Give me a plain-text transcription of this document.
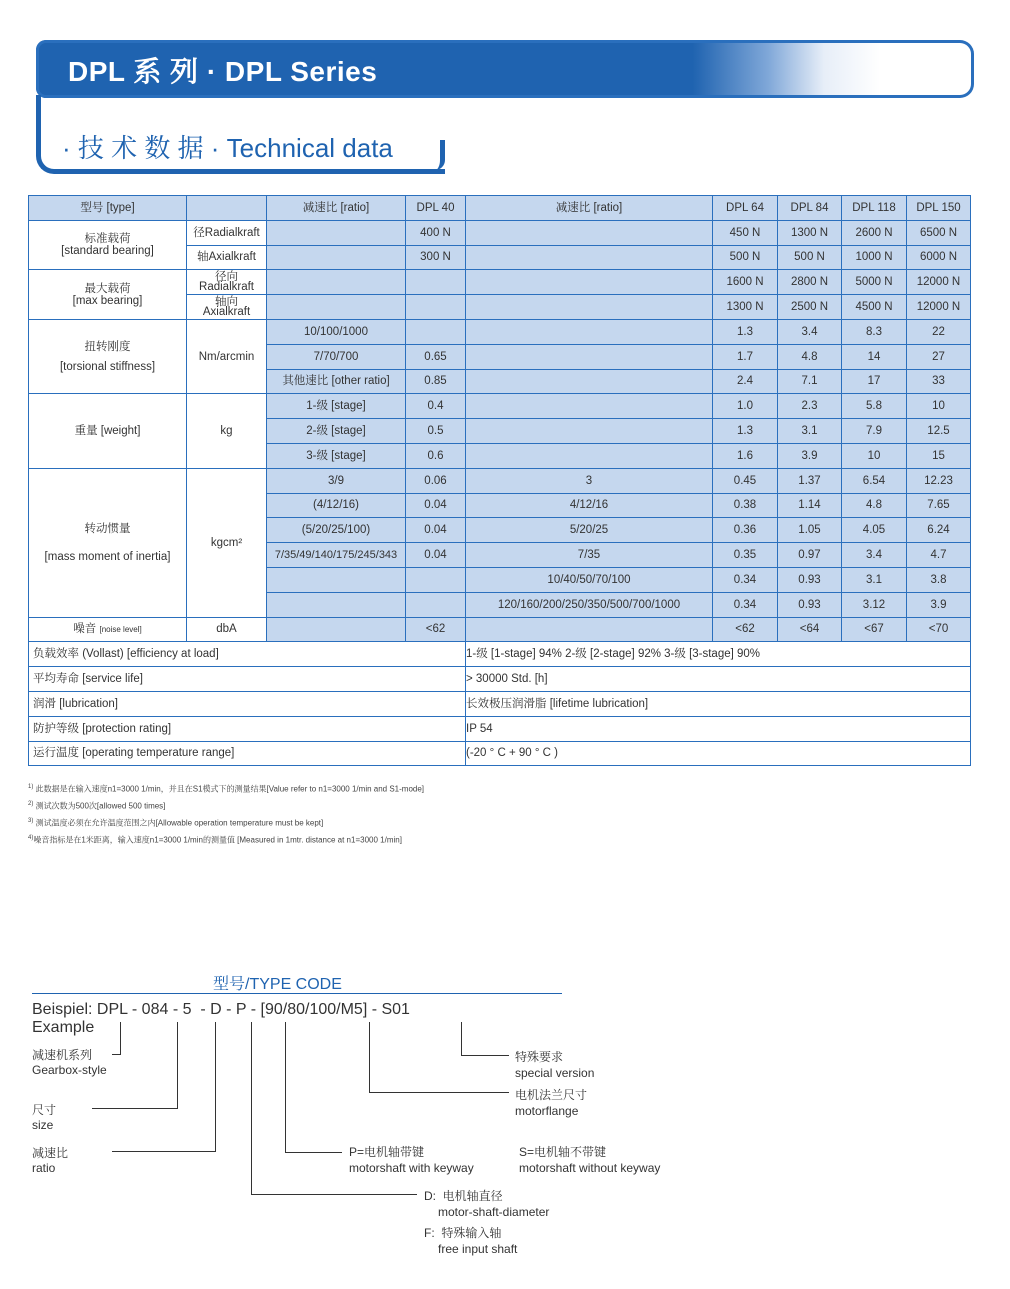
DPL 系 列 · DPL Series
· 技 术 数 据 · Technical data
型号 [type]		减速比 [ratio]	DPL 40	减速比 [ratio]	DPL 64	DPL 84	DPL 118	DPL 150

标准载荷
[standard bearing]	径Radialkraft		400 N		450 N	1300 N	2600 N	6500 N
	轴Axialkraft		300 N		500 N	500 N	1000 N	6000 N

最大载荷
[max bearing]	径向
Radialkraft				1600 N	2800 N	5000 N	12000 N

	轴向
Axialkraft				1300 N	2500 N	4500 N	12000 N

扭转刚度
[torsional stiffness]	Nm/arcmin	10/100/1000			1.3	3.4	8.3	22
		7/70/700	0.65		1.7	4.8	14	27
		其他速比 [other ratio]	0.85		2.4	7.1	17	33
重量 [weight]	kg	1-级 [stage]	0.4		1.0	2.3	5.8	10
		2-级 [stage]	0.5		1.3	3.1	7.9	12.5
		3-级 [stage]	0.6		1.6	3.9	10	15

转动惯量
[mass moment of inertia]	kgcm²	3/9	0.06	3	0.45	1.37	6.54	12.23
		(4/12/16)	0.04	4/12/16	0.38	1.14	4.8	7.65
		(5/20/25/100)	0.04	5/20/25	0.36	1.05	4.05	6.24
		7/35/49/140/175/245/343	0.04	7/35	0.35	0.97	3.4	4.7
				10/40/50/70/100	0.34	0.93	3.1	3.8
				120/160/200/250/350/500/700/1000	0.34	0.93	3.12	3.9
噪音 [noise level]	dbA		<62		<62	<64	<67	<70
负载效率 (Vollast) [efficiency at load]				1-级 [1-stage] 94% 2-级 [2-stage] 92% 3-级 [3-stage] 90%				
平均寿命 [service life]				> 30000 Std. [h]				
润滑 [lubrication]				长效极压润滑脂 [lifetime lubrication]				
防护等级 [protection rating]				IP 54				
运行温度 [operating temperature range]				(-20 ° C + 90 ° C )				
$^{1)}$ 此数据是在输入速度n1=3000 1/min，并且在S1模式下的测量结果[Value refer to n1=3000 1/min and S1-mode]
$^{2)}$ 测试次数为500次[allowed 500 times]
$^{3)}$ 测试温度必须在允许温度范围之内[Allowable operation temperature must be kept]
$^{4)}$噪音指标是在1米距离，输入速度n1=3000 1/min的测量值 [Measured in 1mtr. distance at n1=3000 1/min]
型号/TYPE CODE
Beispiel: DPL - 084 - 5  - D - P - [90/80/100/M5] - S01
Example
减速机系列
Gearbox-style
尺寸
size
减速比
ratio
特殊要求
special version
电机法兰尺寸
motorflange
P=电机轴带键
motorshaft with keyway
S=电机轴不带键
motorshaft without keyway
D:  电机轴直径
motor-shaft-diameter
F:  特殊输入轴
free input shaft
